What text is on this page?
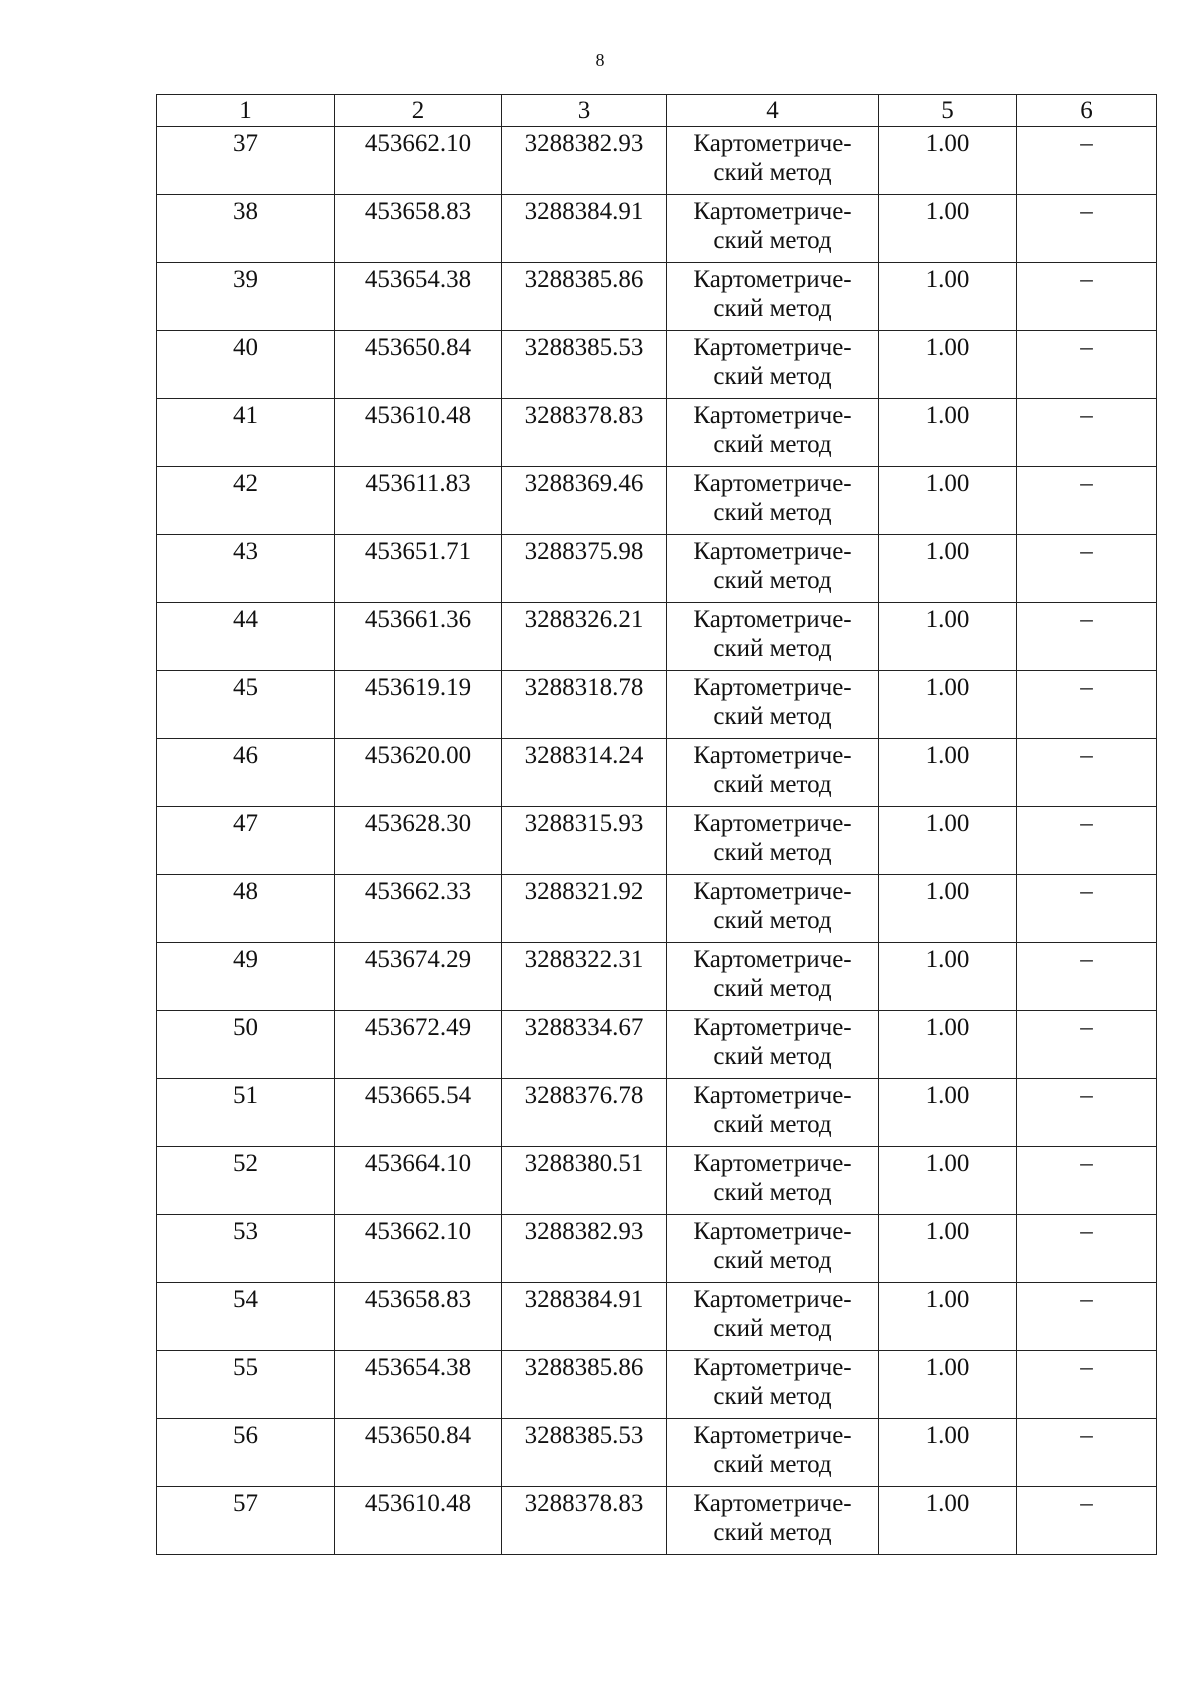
8
1	2	3	4	5	6
37	453662.10	3288382.93	Картометриче-
ский метод	1.00	–
38	453658.83	3288384.91	Картометриче-
ский метод	1.00	–
39	453654.38	3288385.86	Картометриче-
ский метод	1.00	–
40	453650.84	3288385.53	Картометриче-
ский метод	1.00	–
41	453610.48	3288378.83	Картометриче-
ский метод	1.00	–
42	453611.83	3288369.46	Картометриче-
ский метод	1.00	–
43	453651.71	3288375.98	Картометриче-
ский метод	1.00	–
44	453661.36	3288326.21	Картометриче-
ский метод	1.00	–
45	453619.19	3288318.78	Картометриче-
ский метод	1.00	–
46	453620.00	3288314.24	Картометриче-
ский метод	1.00	–
47	453628.30	3288315.93	Картометриче-
ский метод	1.00	–
48	453662.33	3288321.92	Картометриче-
ский метод	1.00	–
49	453674.29	3288322.31	Картометриче-
ский метод	1.00	–
50	453672.49	3288334.67	Картометриче-
ский метод	1.00	–
51	453665.54	3288376.78	Картометриче-
ский метод	1.00	–
52	453664.10	3288380.51	Картометриче-
ский метод	1.00	–
53	453662.10	3288382.93	Картометриче-
ский метод	1.00	–
54	453658.83	3288384.91	Картометриче-
ский метод	1.00	–
55	453654.38	3288385.86	Картометриче-
ский метод	1.00	–
56	453650.84	3288385.53	Картометриче-
ский метод	1.00	–
57	453610.48	3288378.83	Картометриче-
ский метод	1.00	–
